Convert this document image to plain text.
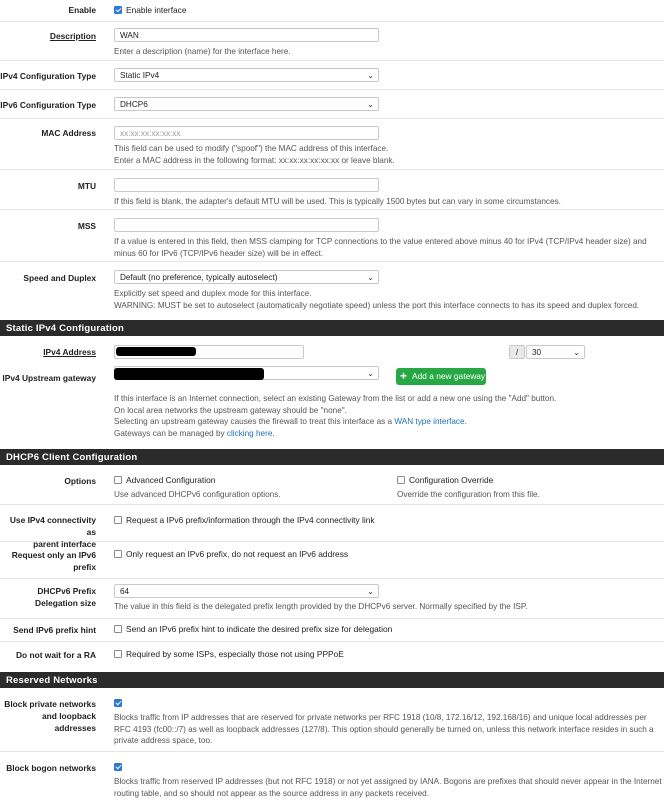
Enable	Enable interface
Description	WAN
Enter a description (name) for the interface here.
IPv4 Configuration Type	Static IPv4	⌄
IPv6 Configuration Type	DHCP6	⌄
MAC Address	xx:xx:xx:xx:xx:xx
This field can be used to modify ("spoof") the MAC address of this interface.
Enter a MAC address in the following format: xx:xx:xx:xx:xx:xx or leave blank.
MTU
If this field is blank, the adapter's default MTU will be used. This is typically 1500 bytes but can vary in some circumstances.
MSS
If a value is entered in this field, then MSS clamping for TCP connections to the value entered above minus 40 for IPv4 (TCP/IPv4 header size) and
minus 60 for IPv6 (TCP/IPv6 header size) will be in effect.
Speed and Duplex	Default (no preference, typically autoselect)	⌄
Explicitly set speed and duplex mode for this interface.
WARNING: MUST be set to autoselect (automatically negotiate speed) unless the port this interface connects to has its speed and duplex forced.
Static IPv4 Configuration
IPv4 Address	/	30	⌄
IPv4 Upstream gateway	⌄
If this interface is an Internet connection, select an existing Gateway from the list or add a new one using the "Add" button.
On local area networks the upstream gateway should be "none".
Selecting an upstream gateway causes the firewall to treat this interface as a WAN type interface.
Gateways can be managed by clicking here.
+ Add a new gateway
DHCP6 Client Configuration
Options	Advanced Configuration
Use advanced DHCPv6 configuration options.
Configuration Override
Override the configuration from this file.
Use IPv4 connectivity as
parent interface
Request a IPv6 prefix/information through the IPv4 connectivity link
Request only an IPv6
prefix
Only request an IPv6 prefix, do not request an IPv6 address
DHCPv6 Prefix
Delegation size
64	⌄
The value in this field is the delegated prefix length provided by the DHCPv6 server. Normally specified by the ISP.
Send IPv6 prefix hint	Send an IPv6 prefix hint to indicate the desired prefix size for delegation
Do not wait for a RA	Required by some ISPs, especially those not using PPPoE
Reserved Networks
Block private networks
and loopback addresses
Blocks traffic from IP addresses that are reserved for private networks per RFC 1918 (10/8, 172.16/12, 192.168/16) and unique local addresses per
RFC 4193 (fc00::/7) as well as loopback addresses (127/8). This option should generally be turned on, unless this network interface resides in such a
private address space, too.
Block bogon networks
Blocks traffic from reserved IP addresses (but not RFC 1918) or not yet assigned by IANA. Bogons are prefixes that should never appear in the Internet
routing table, and so should not appear as the source address in any packets received.
